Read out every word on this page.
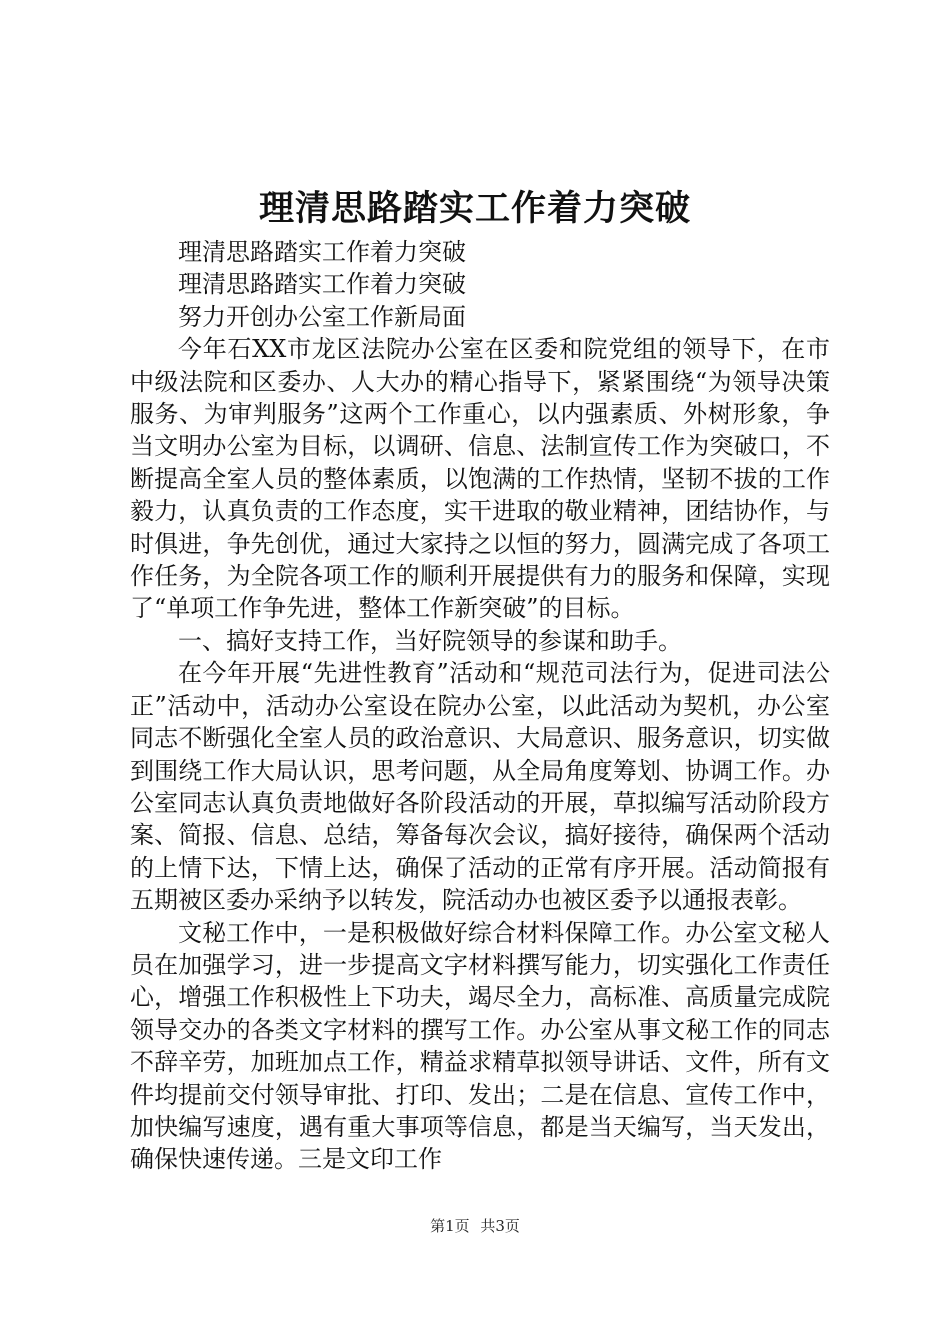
理清思路踏实工作着力突破

理清思路踏实工作着力突破

理清思路踏实工作着力突破

努力开创办公室工作新局面

今年石XX市龙区法院办公室在区委和院党组的领导下，在市中级法院和区委办、人大办的精心指导下，紧紧围绕“为领导决策服务、为审判服务”这两个工作重心，以内强素质、外树形象，争当文明办公室为目标，以调研、信息、法制宣传工作为突破口，不断提高全室人员的整体素质，以饱满的工作热情，坚韧不拔的工作毅力，认真负责的工作态度，实干进取的敬业精神，团结协作，与时俱进，争先创优，通过大家持之以恒的努力，圆满完成了各项工作任务，为全院各项工作的顺利开展提供有力的服务和保障，实现了“单项工作争先进，整体工作新突破”的目标。

一、搞好支持工作，当好院领导的参谋和助手。

在今年开展“先进性教育”活动和“规范司法行为，促进司法公正”活动中，活动办公室设在院办公室，以此活动为契机，办公室同志不断强化全室人员的政治意识、大局意识、服务意识，切实做到围绕工作大局认识，思考问题，从全局角度筹划、协调工作。办公室同志认真负责地做好各阶段活动的开展，草拟编写活动阶段方案、简报、信息、总结，筹备每次会议，搞好接待，确保两个活动的上情下达，下情上达，确保了活动的正常有序开展。活动简报有五期被区委办采纳予以转发，院活动办也被区委予以通报表彰。

文秘工作中，一是积极做好综合材料保障工作。办公室文秘人员在加强学习，进一步提高文字材料撰写能力，切实强化工作责任心，增强工作积极性上下功夫，竭尽全力，高标准、高质量完成院领导交办的各类文字材料的撰写工作。办公室从事文秘工作的同志不辞辛劳，加班加点工作，精益求精草拟领导讲话、文件，所有文件均提前交付领导审批、打印、发出；二是在信息、宣传工作中，加快编写速度，遇有重大事项等信息，都是当天编写，当天发出，确保快速传递。三是文印工作

第1页 共3页
